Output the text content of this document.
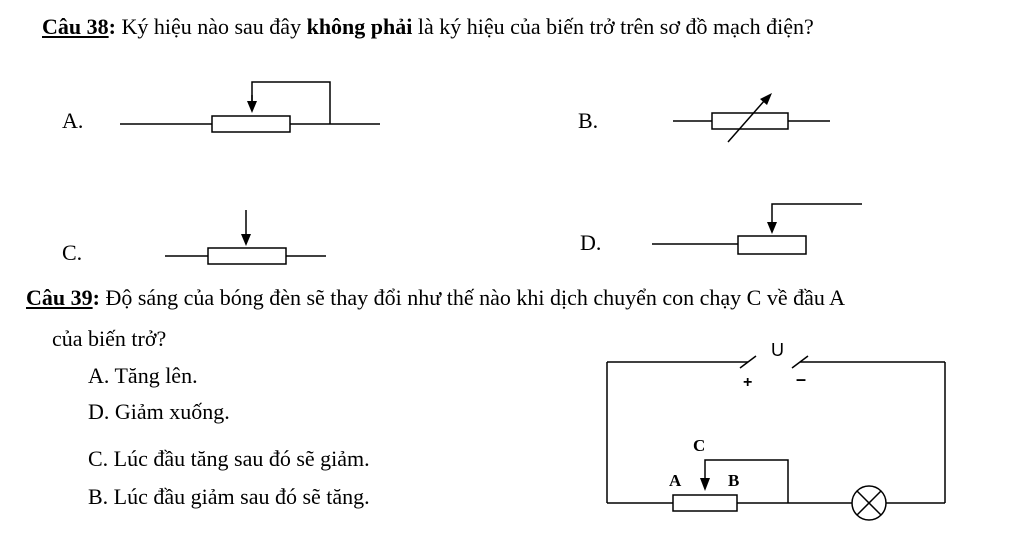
Câu 38: Ký hiệu nào sau đây không phải là ký hiệu của biến trở trên sơ đồ mạch điện?
A.	B.
C.	D.
Câu 39: Độ sáng của bóng đèn sẽ thay đổi như thế nào khi dịch chuyển con chạy C về đầu A
của biến trở?
A. Tăng lên.
D. Giảm xuống.
C. Lúc đầu tăng sau đó sẽ giảm.
B. Lúc đầu giảm sau đó sẽ tăng.
U
+ –
C
A	B
